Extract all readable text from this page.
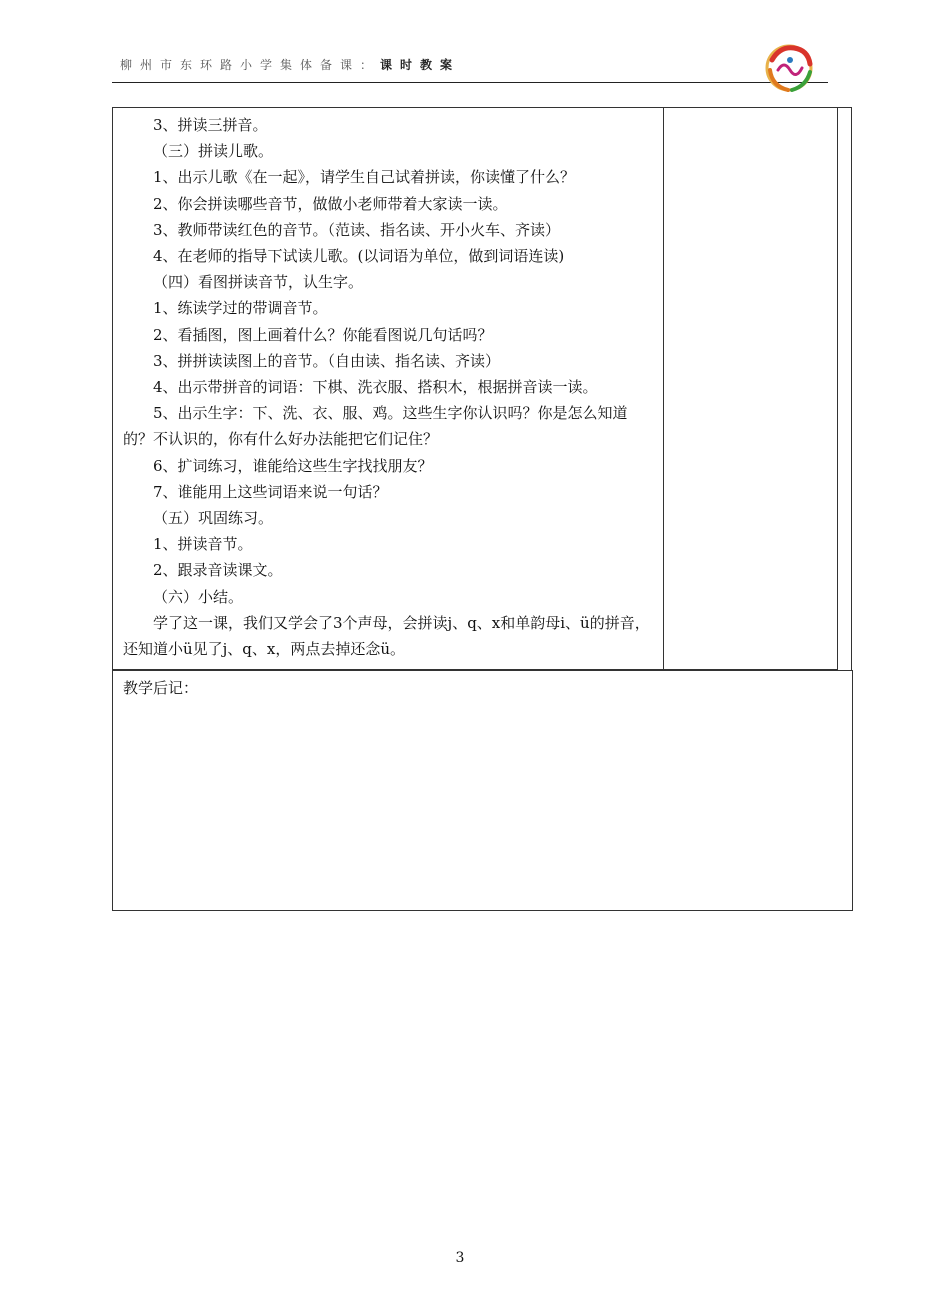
柳州市东环路小学集体备课：课时教案

3、拼读三拼音。

（三）拼读儿歌。

1、出示儿歌《在一起》，请学生自己试着拼读，你读懂了什么？

2、你会拼读哪些音节，做做小老师带着大家读一读。

3、教师带读红色的音节。（范读、指名读、开小火车、齐读）

4、在老师的指导下试读儿歌。(以词语为单位，做到词语连读)

（四）看图拼读音节，认生字。

1、练读学过的带调音节。

2、看插图，图上画着什么？你能看图说几句话吗？

3、拼拼读读图上的音节。（自由读、指名读、齐读）

4、出示带拼音的词语：下棋、洗衣服、搭积木，根据拼音读一读。

5、出示生字：下、洗、衣、服、鸡。这些生字你认识吗？你是怎么知道的？不认识的，你有什么好办法能把它们记住？

6、扩词练习，谁能给这些生字找找朋友？

7、谁能用上这些词语来说一句话？

（五）巩固练习。

1、拼读音节。

2、跟录音读课文。

（六）小结。

学了这一课，我们又学会了3个声母，会拼读j、q、x和单韵母i、ü的拼音，还知道小ü见了j、q、x，两点去掉还念ü。

教学后记：
3
